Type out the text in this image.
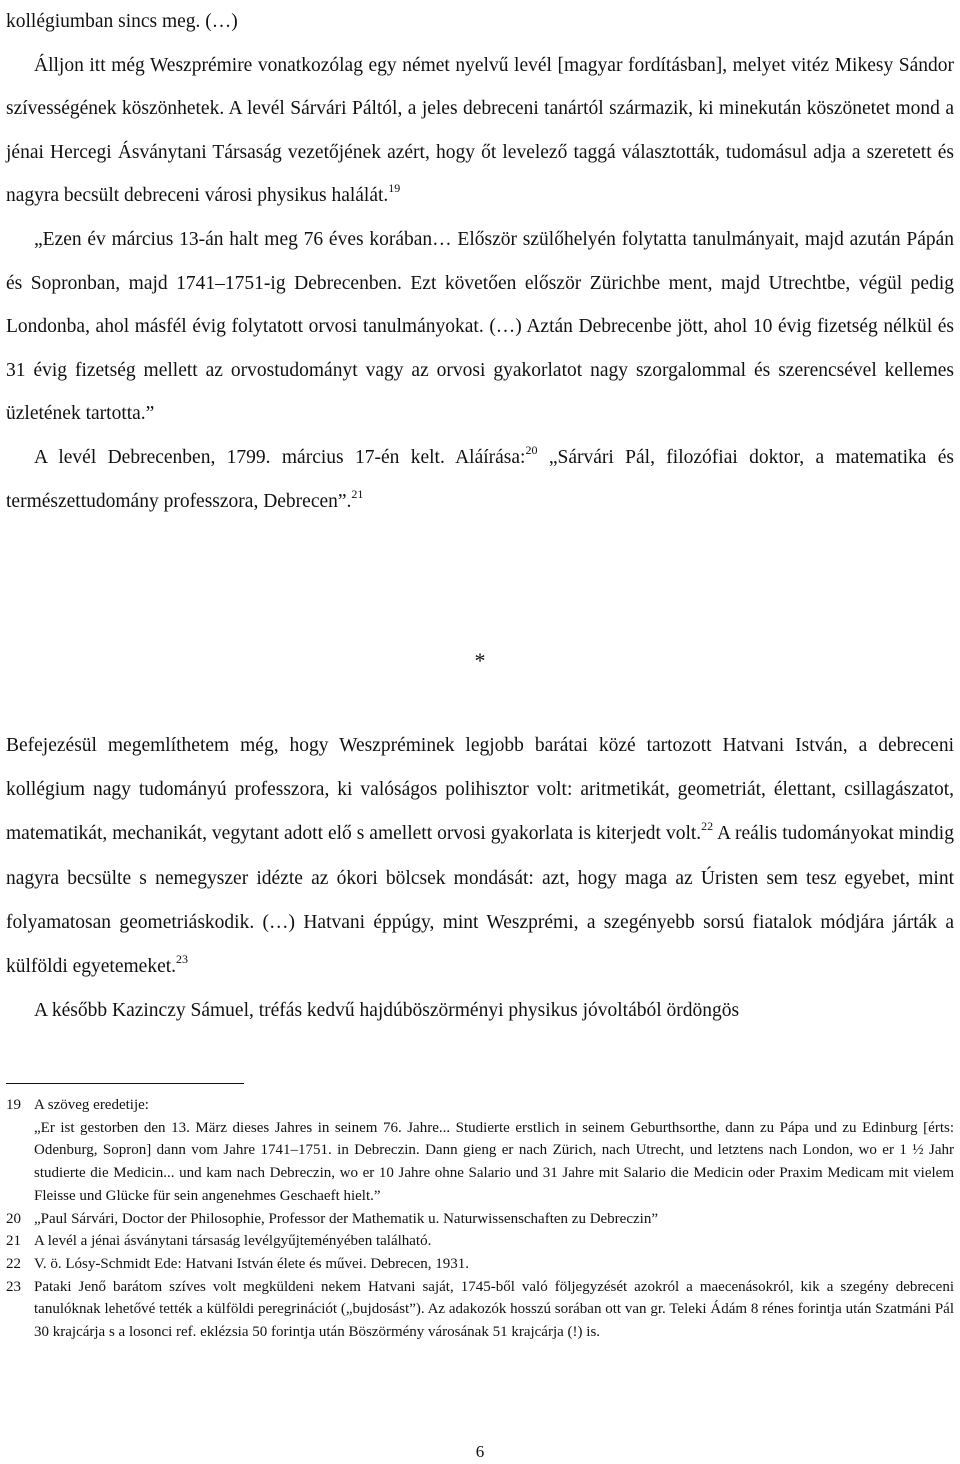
kollégiumban sincs meg. (…)

Álljon itt még Weszprémire vonatkozólag egy német nyelvű levél [magyar fordításban], melyet vitéz Mikesy Sándor szívességének köszönhetek. A levél Sárvári Páltól, a jeles debreceni tanártól származik, ki minekután köszönetet mond a jénai Hercegi Ásványtani Társaság vezetőjének azért, hogy őt levelező taggá választották, tudomásul adja a szeretett és nagyra becsült debreceni városi physikus halálát.$^{19}$

„Ezen év március 13-án halt meg 76 éves korában… Először szülőhelyén folytatta tanulmányait, majd azután Pápán és Sopronban, majd 1741–1751-ig Debrecenben. Ezt követően először Zürichbe ment, majd Utrechtbe, végül pedig Londonba, ahol másfél évig folytatott orvosi tanulmányokat. (…) Aztán Debrecenbe jött, ahol 10 évig fizetség nélkül és 31 évig fizetség mellett az orvostudományt vagy az orvosi gyakorlatot nagy szorgalommal és szerencsével kellemes üzletének tartotta.”

A levél Debrecenben, 1799. március 17-én kelt. Aláírása:$^{20}$ „Sárvári Pál, filozófiai doktor, a matematika és természettudomány professzora, Debrecen”.$^{21}$

*

Befejezésül megemlíthetem még, hogy Weszpréminek legjobb barátai közé tartozott Hatvani István, a debreceni kollégium nagy tudományú professzora, ki valóságos polihisztor volt: aritmetikát, geometriát, élettant, csillagászatot, matematikát, mechanikát, vegytant adott elő s amellett orvosi gyakorlata is kiterjedt volt.$^{22}$ A reális tudományokat mindig nagyra becsülte s nemegyszer idézte az ókori bölcsek mondását: azt, hogy maga az Úristen sem tesz egyebet, mint folyamatosan geometriáskodik. (…) Hatvani éppúgy, mint Weszprémi, a szegényebb sorsú fiatalok módjára járták a külföldi egyetemeket.$^{23}$

A később Kazinczy Sámuel, tréfás kedvű hajdúböszörményi physikus jóvoltából ördöngös

19 A szöveg eredetije:
„Er ist gestorben den 13. März dieses Jahres in seinem 76. Jahre... Studierte erstlich in seinem Geburthsorthe, dann zu Pápa und zu Edinburg [érts: Odenburg, Sopron] dann vom Jahre 1741–1751. in Debreczin. Dann gieng er nach Zürich, nach Utrecht, und letztens nach London, wo er 1 ½ Jahr studierte die Medicin... und kam nach Debreczin, wo er 10 Jahre ohne Salario und 31 Jahre mit Salario die Medicin oder Praxim Medicam mit vielem Fleisse und Glücke für sein angenehmes Geschaeft hielt.”
20 „Paul Sárvári, Doctor der Philosophie, Professor der Mathematik u. Naturwissenschaften zu Debreczin”
21 A levél a jénai ásványtani társaság levélgyűjteményében található.
22 V. ö. Lósy-Schmidt Ede: Hatvani István élete és művei. Debrecen, 1931.
23 Pataki Jenő barátom szíves volt megküldeni nekem Hatvani saját, 1745-ből való följegyzését azokról a maecenásokról, kik a szegény debreceni tanulóknak lehetővé tették a külföldi peregrinációt („bujdosást”). Az adakozók hosszú sorában ott van gr. Teleki Ádám 8 rénes forintja után Szatmáni Pál 30 krajcárja s a losonci ref. eklézsia 50 forintja után Böszörmény városának 51 krajcárja (!) is.
6
